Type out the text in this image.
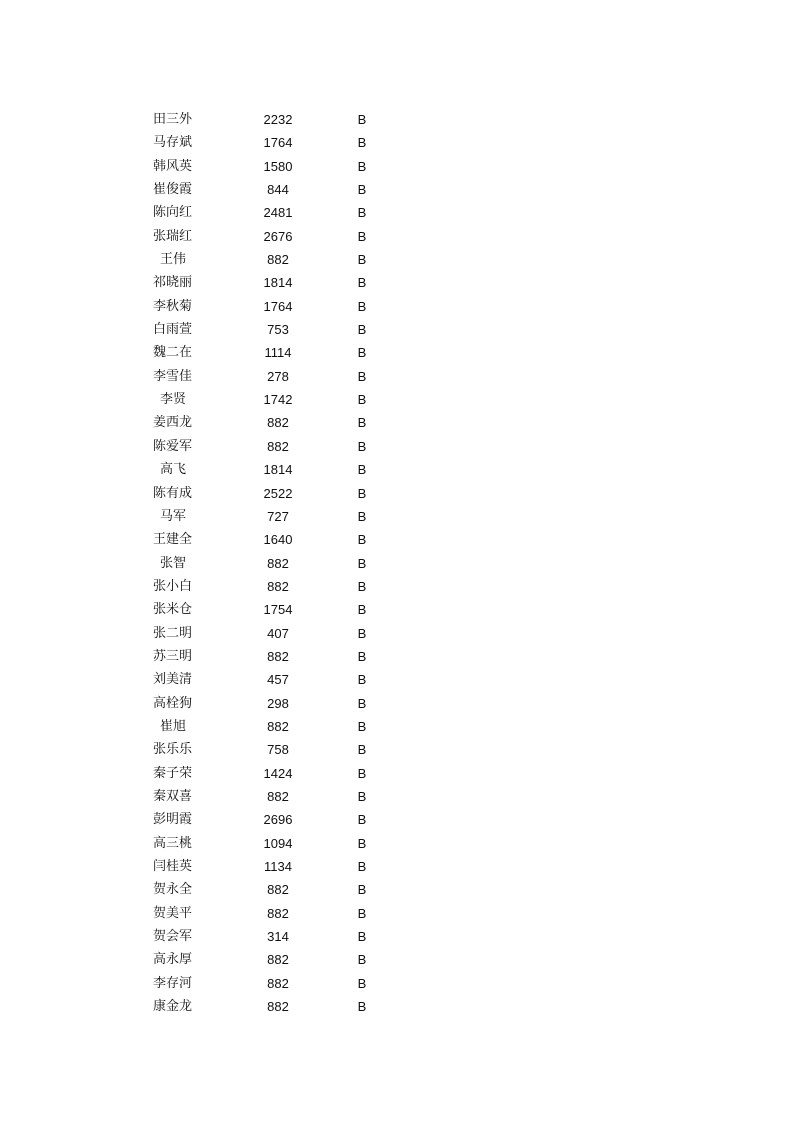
田三外	2232	B
马存斌	1764	B
韩风英	1580	B
崔俊霞	844	B
陈向红	2481	B
张瑞红	2676	B
王伟	882	B
祁晓丽	1814	B
李秋菊	1764	B
白雨萱	753	B
魏二在	1114	B
李雪佳	278	B
李贤	1742	B
姜西龙	882	B
陈爱军	882	B
高飞	1814	B
陈有成	2522	B
马军	727	B
王建全	1640	B
张智	882	B
张小白	882	B
张米仓	1754	B
张二明	407	B
苏三明	882	B
刘美清	457	B
高栓狗	298	B
崔旭	882	B
张乐乐	758	B
秦子荣	1424	B
秦双喜	882	B
彭明霞	2696	B
高三桃	1094	B
闫桂英	1134	B
贺永全	882	B
贺美平	882	B
贺会军	314	B
高永厚	882	B
李存河	882	B
康金龙	882	B
